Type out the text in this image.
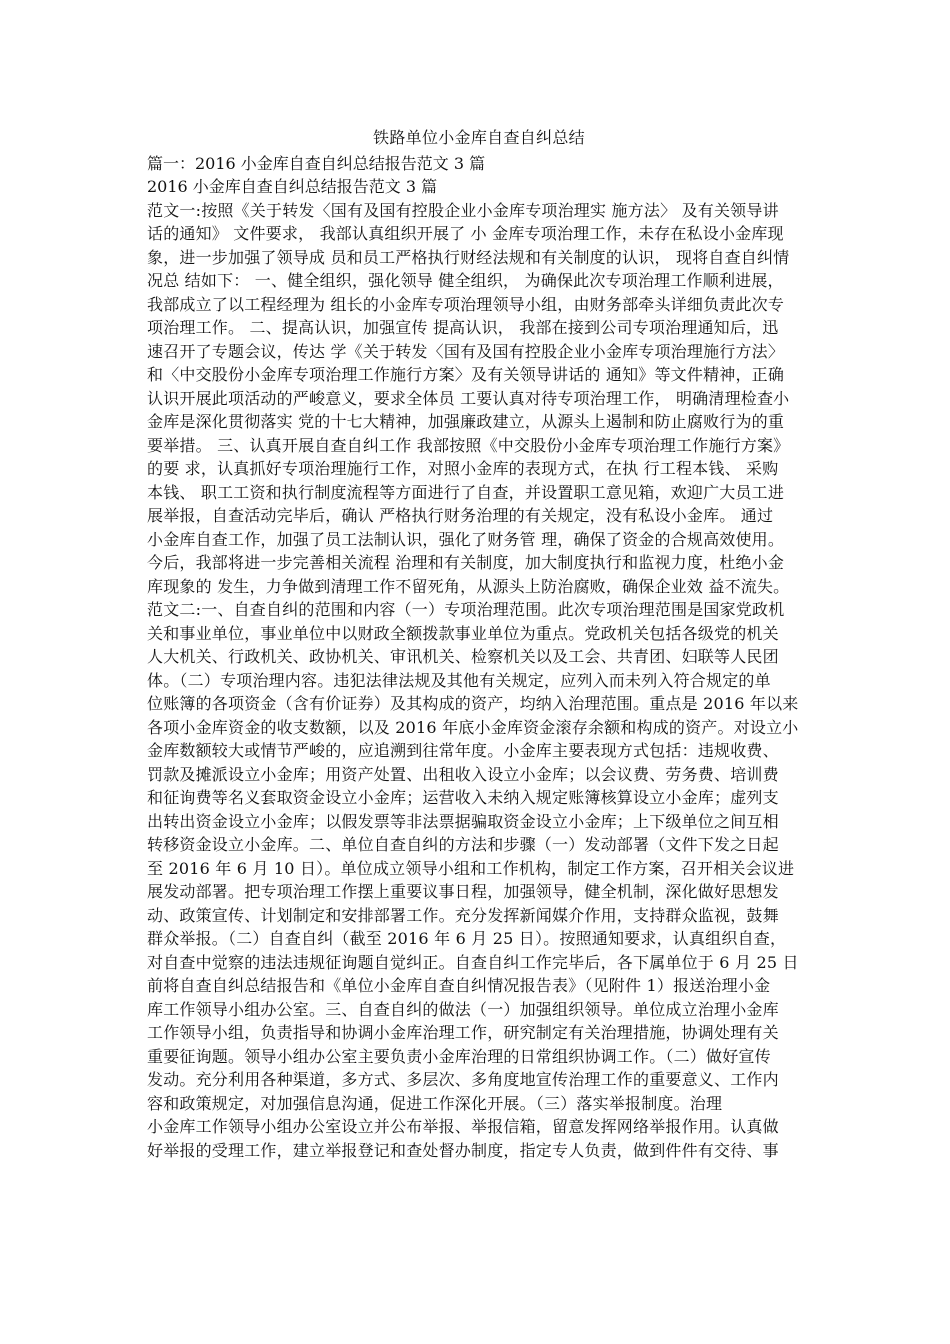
铁路单位小金库自查自纠总结
篇一：2016 小金库自查自纠总结报告范文 3 篇
2016 小金库自查自纠总结报告范文 3 篇
范文一:按照《关于转发〈国有及国有控股企业小金库专项治理实 施方法〉 及有关领导讲
话的通知》 文件要求， 我部认真组织开展了 小 金库专项治理工作，未存在私设小金库现
象，进一步加强了领导成 员和员工严格执行财经法规和有关制度的认识， 现将自查自纠情
况总 结如下： 一、健全组织，强化领导 健全组织， 为确保此次专项治理工作顺利进展，
我部成立了以工程经理为 组长的小金库专项治理领导小组，由财务部牵头详细负责此次专
项治理工作。 二、提高认识，加强宣传 提高认识， 我部在接到公司专项治理通知后，迅
速召开了专题会议，传达 学《关于转发〈国有及国有控股企业小金库专项治理施行方法〉
和〈中交股份小金库专项治理工作施行方案〉及有关领导讲话的 通知》等文件精神，正确
认识开展此项活动的严峻意义，要求全体员 工要认真对待专项治理工作， 明确清理检查小
金库是深化贯彻落实 党的十七大精神，加强廉政建立，从源头上遏制和防止腐败行为的重
要举措。 三、认真开展自查自纠工作 我部按照《中交股份小金库专项治理工作施行方案》
的要 求，认真抓好专项治理施行工作，对照小金库的表现方式，在执 行工程本钱、 采购
本钱、 职工工资和执行制度流程等方面进行了自查，并设置职工意见箱，欢迎广大员工进
展举报，自查活动完毕后，确认 严格执行财务治理的有关规定，没有私设小金库。 通过
小金库自查工作，加强了员工法制认识，强化了财务管 理，确保了资金的合规高效使用。
今后，我部将进一步完善相关流程 治理和有关制度，加大制度执行和监视力度，杜绝小金
库现象的 发生，力争做到清理工作不留死角，从源头上防治腐败，确保企业效 益不流失。
范文二:一、自查自纠的范围和内容（一）专项治理范围。此次专项治理范围是国家党政机
关和事业单位，事业单位中以财政全额拨款事业单位为重点。党政机关包括各级党的机关
人大机关、行政机关、政协机关、审讯机关、检察机关以及工会、共青团、妇联等人民团
体。（二）专项治理内容。违犯法律法规及其他有关规定，应列入而未列入符合规定的单
位账簿的各项资金（含有价证券）及其构成的资产，均纳入治理范围。重点是 2016 年以来
各项小金库资金的收支数额，以及 2016 年底小金库资金滚存余额和构成的资产。对设立小
金库数额较大或情节严峻的，应追溯到往常年度。小金库主要表现方式包括：违规收费、
罚款及摊派设立小金库；用资产处置、出租收入设立小金库；以会议费、劳务费、培训费
和征询费等名义套取资金设立小金库；运营收入未纳入规定账簿核算设立小金库；虚列支
出转出资金设立小金库；以假发票等非法票据骗取资金设立小金库；上下级单位之间互相
转移资金设立小金库。二、单位自查自纠的方法和步骤（一）发动部署（文件下发之日起
至 2016 年 6 月 10 日）。单位成立领导小组和工作机构，制定工作方案，召开相关会议进
展发动部署。把专项治理工作摆上重要议事日程，加强领导，健全机制，深化做好思想发
动、政策宣传、计划制定和安排部署工作。充分发挥新闻媒介作用，支持群众监视，鼓舞
群众举报。（二）自查自纠（截至 2016 年 6 月 25 日）。按照通知要求，认真组织自查，
对自查中觉察的违法违规征询题自觉纠正。自查自纠工作完毕后，各下属单位于 6 月 25 日
前将自查自纠总结报告和《单位小金库自查自纠情况报告表》（见附件 1）报送治理小金
库工作领导小组办公室。三、自查自纠的做法（一）加强组织领导。单位成立治理小金库
工作领导小组，负责指导和协调小金库治理工作，研究制定有关治理措施，协调处理有关
重要征询题。领导小组办公室主要负责小金库治理的日常组织协调工作。（二）做好宣传
发动。充分利用各种渠道，多方式、多层次、多角度地宣传治理工作的重要意义、工作内
容和政策规定，对加强信息沟通，促进工作深化开展。（三）落实举报制度。治理
小金库工作领导小组办公室设立并公布举报、举报信箱，留意发挥网络举报作用。认真做
好举报的受理工作，建立举报登记和查处督办制度，指定专人负责，做到件件有交待、事
